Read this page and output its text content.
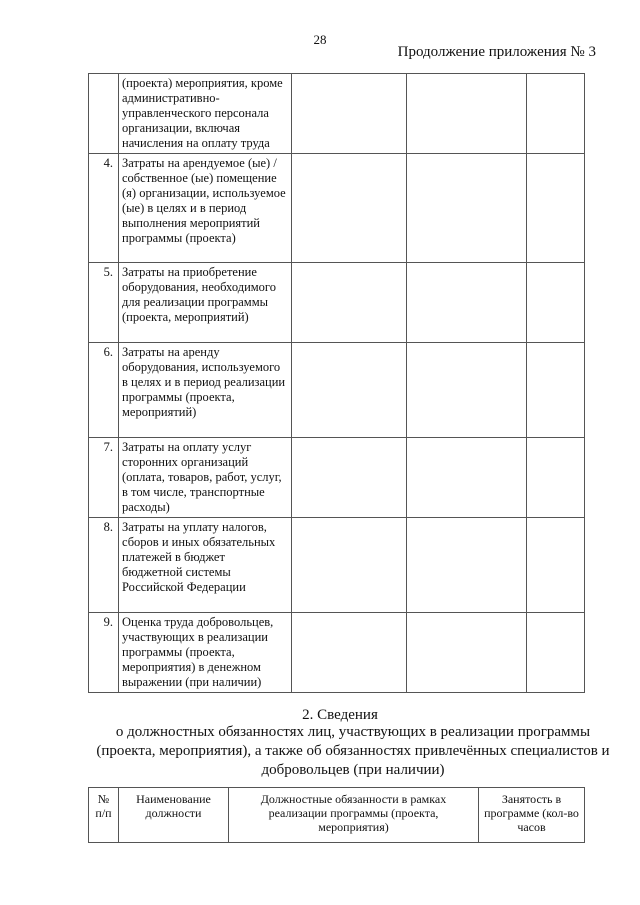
28
Продолжение приложения № 3
	(проекта) мероприятия, кроме административно-управленческого персонала организации, включая начисления на оплату труда			
4.	Затраты на арендуемое (ые) / собственное (ые) помещение (я) организации, используемое (ые) в целях и в период выполнения мероприятий программы (проекта)			
5.	Затраты на приобретение оборудования, необходимого для реализации программы (проекта, мероприятий)			
6.	Затраты на аренду оборудования, используемого в целях и в период реализации программы (проекта, мероприятий)			
7.	Затраты на оплату услуг сторонних организаций (оплата, товаров, работ, услуг, в том числе, транспортные расходы)			
8.	Затраты на уплату налогов, сборов и иных обязательных платежей в бюджет бюджетной системы Российской Федерации			
9.	Оценка труда добровольцев, участвующих в реализации программы (проекта, мероприятия) в денежном выражении (при наличии)			
2. Сведения
о должностных обязанностях лиц, участвующих в реализации программы (проекта, мероприятия), а также об обязанностях привлечённых специалистов и добровольцев (при наличии)
№ п/п	Наименование должности	Должностные обязанности в рамках реализации программы (проекта, мероприятия)	Занятость в программе (кол-во часов
